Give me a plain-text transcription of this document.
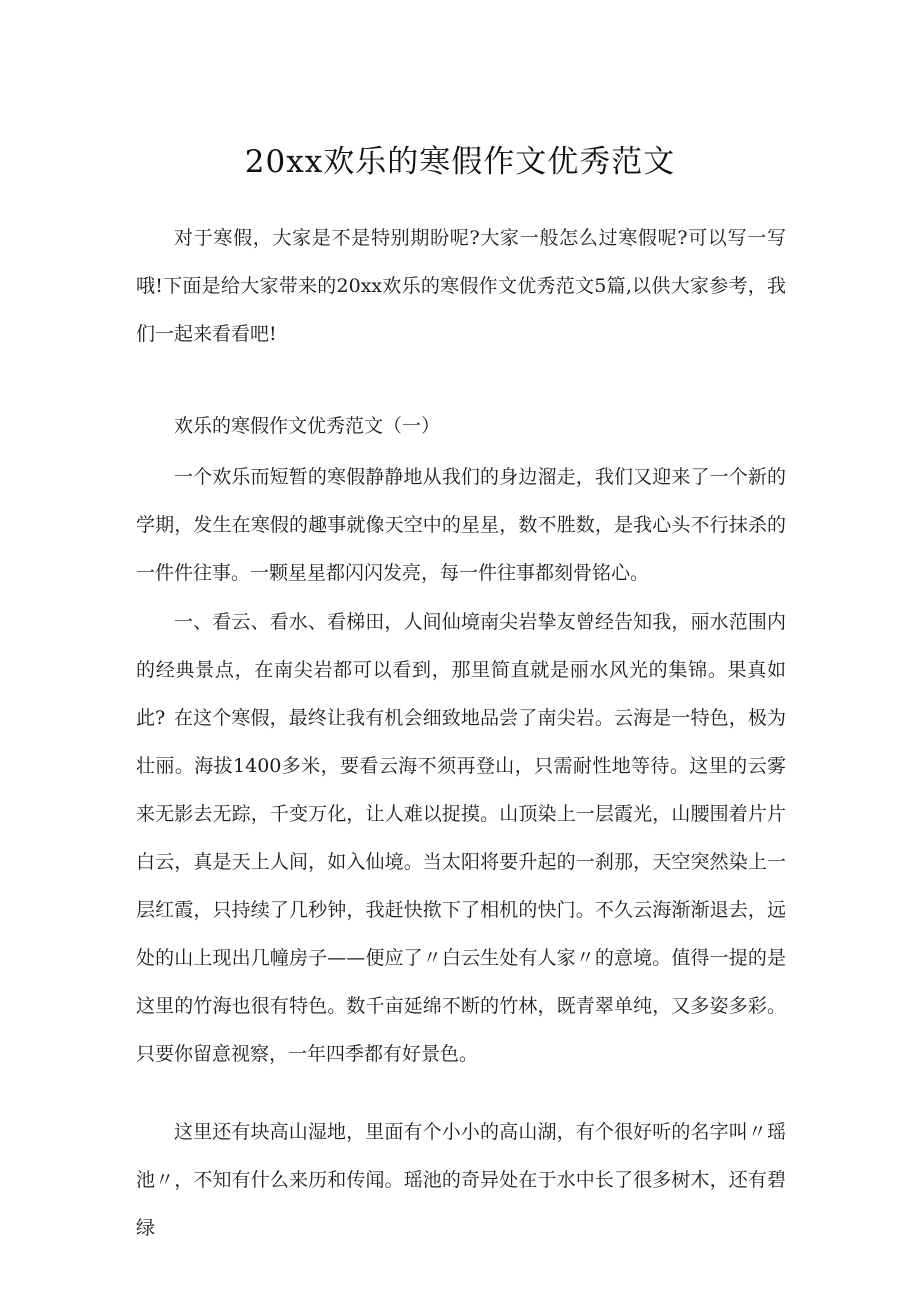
20xx欢乐的寒假作文优秀范文

对于寒假，大家是不是特别期盼呢?大家一般怎么过寒假呢?可以写一写哦!下面是给大家带来的20xx欢乐的寒假作文优秀范文5篇,以供大家参考，我们一起来看看吧!

欢乐的寒假作文优秀范文（一）

一个欢乐而短暂的寒假静静地从我们的身边溜走，我们又迎来了一个新的学期，发生在寒假的趣事就像天空中的星星，数不胜数，是我心头不行抹杀的一件件往事。一颗星星都闪闪发亮，每一件往事都刻骨铭心。

一、看云、看水、看梯田，人间仙境南尖岩挚友曾经告知我，丽水范围内的经典景点，在南尖岩都可以看到，那里简直就是丽水风光的集锦。果真如此? 在这个寒假，最终让我有机会细致地品尝了南尖岩。云海是一特色，极为壮丽。海拔1400多米，要看云海不须再登山，只需耐性地等待。这里的云雾来无影去无踪，千变万化，让人难以捉摸。山顶染上一层霞光，山腰围着片片白云，真是天上人间，如入仙境。当太阳将要升起的一刹那，天空突然染上一层红霞，只持续了几秒钟，我赶快揿下了相机的快门。不久云海渐渐退去，远处的山上现出几幢房子——便应了〃白云生处有人家〃的意境。值得一提的是这里的竹海也很有特色。数千亩延绵不断的竹林，既青翠单纯，又多姿多彩。只要你留意视察，一年四季都有好景色。

这里还有块高山湿地，里面有个小小的高山湖，有个很好听的名字叫〃瑶池〃，不知有什么来历和传闻。瑶池的奇异处在于水中长了很多树木，还有碧绿
